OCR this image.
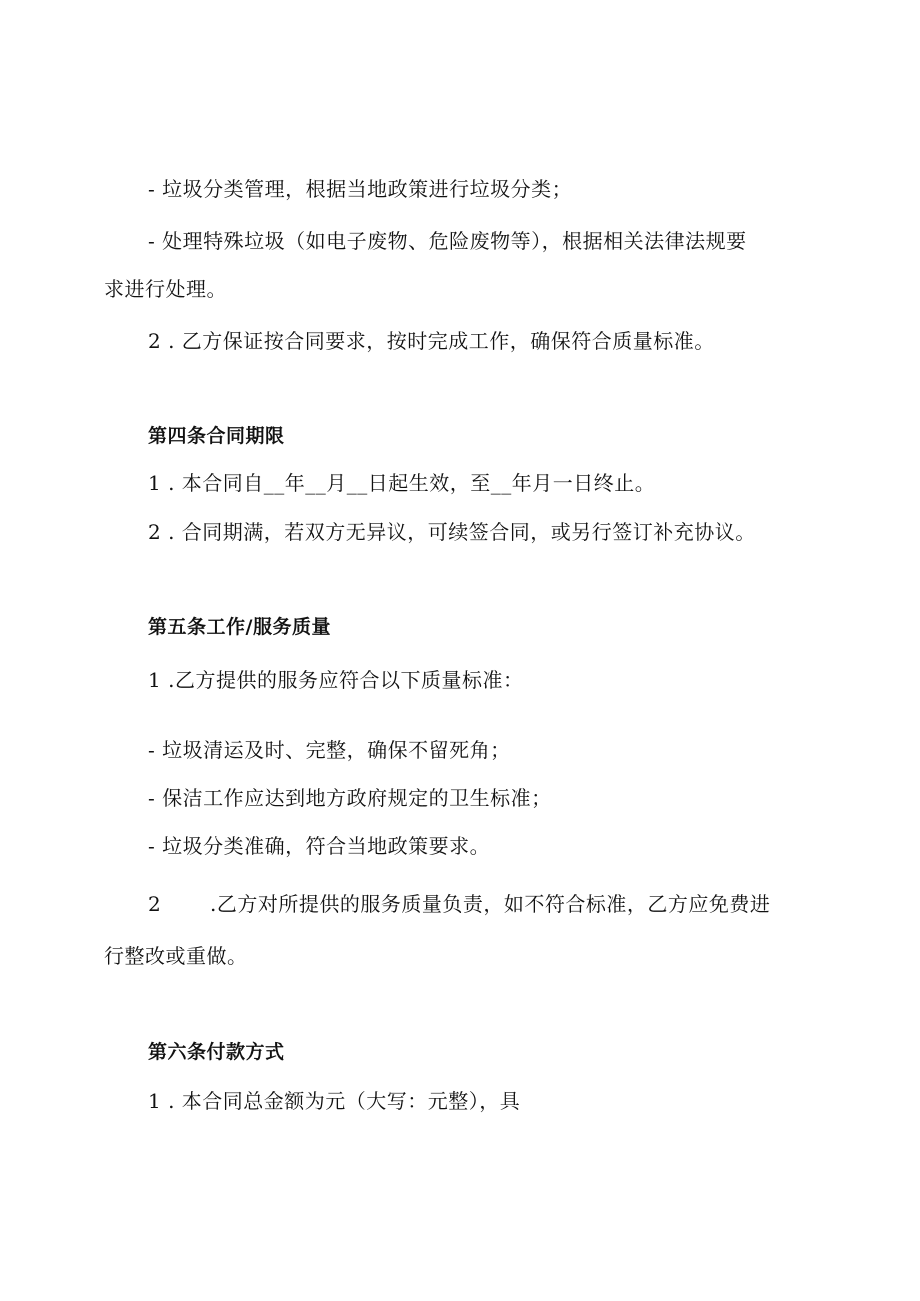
- 垃圾分类管理，根据当地政策进行垃圾分类；
- 处理特殊垃圾（如电子废物、危险废物等），根据相关法律法规要
求进行处理。
2 . 乙方保证按合同要求，按时完成工作，确保符合质量标准。
第四条合同期限
1 . 本合同自__年__月__日起生效，至__年月一日终止。
2 . 合同期满，若双方无异议，可续签合同，或另行签订补充协议。
第五条工作/服务质量
1 .乙方提供的服务应符合以下质量标准：
- 垃圾清运及时、完整，确保不留死角；
- 保洁工作应达到地方政府规定的卫生标准；
- 垃圾分类准确，符合当地政策要求。
2 .乙方对所提供的服务质量负责，如不符合标准，乙方应免费进
行整改或重做。
第六条付款方式
1 . 本合同总金额为元（大写：元整），具
